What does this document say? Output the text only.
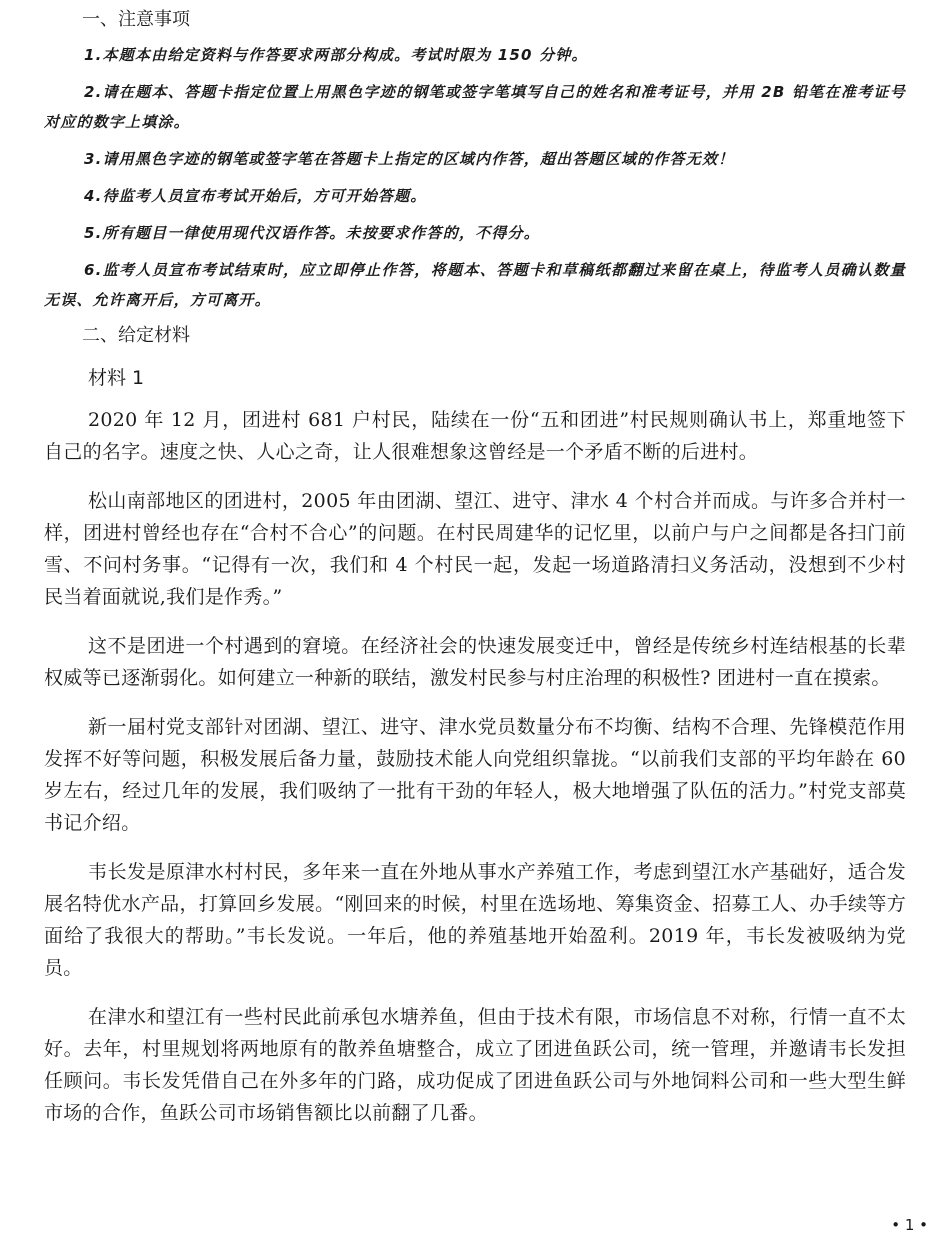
一、注意事项
1.本题本由给定资料与作答要求两部分构成。考试时限为 150 分钟。
2.请在题本、答题卡指定位置上用黑色字迹的钢笔或签字笔填写自己的姓名和准考证号，并用 2B 铅笔在准考证号对应的数字上填涂。
3.请用黑色字迹的钢笔或签字笔在答题卡上指定的区域内作答，超出答题区域的作答无效！
4.待监考人员宣布考试开始后，方可开始答题。
5.所有题目一律使用现代汉语作答。未按要求作答的，不得分。
6.监考人员宣布考试结束时，应立即停止作答，将题本、答题卡和草稿纸都翻过来留在桌上，待监考人员确认数量无误、允许离开后，方可离开。
二、给定材料
材料 1

2020 年 12 月，团进村 681 户村民，陆续在一份“五和团进”村民规则确认书上，郑重地签下自己的名字。速度之快、人心之奇，让人很难想象这曾经是一个矛盾不断的后进村。

松山南部地区的团进村，2005 年由团湖、望江、进守、津水 4 个村合并而成。与许多合并村一样，团进村曾经也存在“合村不合心”的问题。在村民周建华的记忆里，以前户与户之间都是各扫门前雪、不问村务事。“记得有一次，我们和 4 个村民一起，发起一场道路清扫义务活动，没想到不少村民当着面就说,我们是作秀。”

这不是团进一个村遇到的窘境。在经济社会的快速发展变迁中，曾经是传统乡村连结根基的长辈权威等已逐渐弱化。如何建立一种新的联结，激发村民参与村庄治理的积极性? 团进村一直在摸索。

新一届村党支部针对团湖、望江、进守、津水党员数量分布不均衡、结构不合理、先锋模范作用发挥不好等问题，积极发展后备力量，鼓励技术能人向党组织靠拢。“以前我们支部的平均年龄在 60 岁左右，经过几年的发展，我们吸纳了一批有干劲的年轻人，极大地增强了队伍的活力。”村党支部莫书记介绍。

韦长发是原津水村村民，多年来一直在外地从事水产养殖工作，考虑到望江水产基础好，适合发展名特优水产品，打算回乡发展。“刚回来的时候，村里在选场地、筹集资金、招募工人、办手续等方面给了我很大的帮助。”韦长发说。一年后，他的养殖基地开始盈利。2019 年，韦长发被吸纳为党员。

在津水和望江有一些村民此前承包水塘养鱼，但由于技术有限，市场信息不对称，行情一直不太好。去年，村里规划将两地原有的散养鱼塘整合，成立了团进鱼跃公司，统一管理，并邀请韦长发担任顾问。韦长发凭借自己在外多年的门路，成功促成了团进鱼跃公司与外地饲料公司和一些大型生鲜市场的合作，鱼跃公司市场销售额比以前翻了几番。

• 1 •
